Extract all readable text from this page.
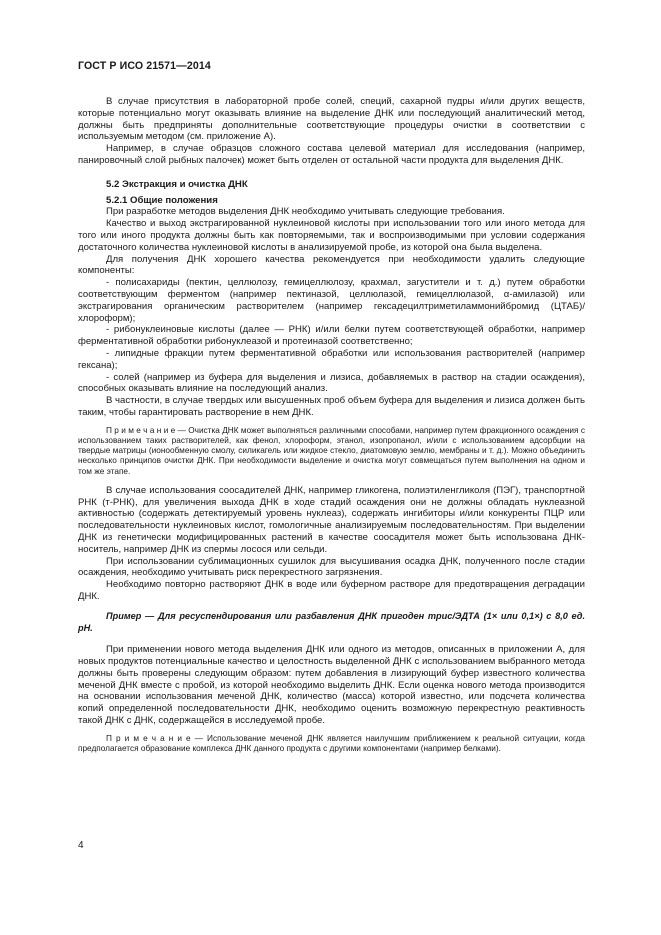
ГОСТ Р ИСО 21571—2014

В случае присутствия в лабораторной пробе солей, специй, сахарной пудры и/или других веществ, которые потенциально могут оказывать влияние на выделение ДНК или последующий аналитический метод, должны быть предприняты дополнительные соответствующие процедуры очистки в соответствии с используемым методом (см. приложение А).

Например, в случае образцов сложного состава целевой материал для исследования (например, панировочный слой рыбных палочек) может быть отделен от остальной части продукта для выделения ДНК.

5.2 Экстракция и очистка ДНК
5.2.1 Общие положения

При разработке методов выделения ДНК необходимо учитывать следующие требования.

Качество и выход экстрагированной нуклеиновой кислоты при использовании того или иного метода для того или иного продукта должны быть как повторяемыми, так и воспроизводимыми при условии содержания достаточного количества нуклеиновой кислоты в анализируемой пробе, из которой она была выделена.

Для получения ДНК хорошего качества рекомендуется при необходимости удалить следующие компоненты:

- полисахариды (пектин, целлюлозу, гемицеллюлозу, крахмал, загустители и т. д.) путем обработки соответствующим ферментом (например пектиназой, целлюлазой, гемицеллюлазой, α-амилазой) или экстрагирования органическим растворителем (например гексадецилтриметиламмонийбромид (ЦТАБ)/хлороформ);

- рибонуклеиновые кислоты (далее — РНК) и/или белки путем соответствующей обработки, например ферментативной обработки рибонуклеазой и протеиназой соответственно;

- липидные фракции путем ферментативной обработки или использования растворителей (например гексана);

- солей (например из буфера для выделения и лизиса, добавляемых в раствор на стадии осаждения), способных оказывать влияние на последующий анализ.

В частности, в случае твердых или высушенных проб объем буфера для выделения и лизиса должен быть таким, чтобы гарантировать растворение в нем ДНК.

П р и м е ч а н и е — Очистка ДНК может выполняться различными способами, например путем фракционного осаждения с использованием таких растворителей, как фенол, хлороформ, этанол, изопропанол, и/или с использованием адсорбции на твердые матрицы (ионообменную смолу, силикагель или жидкое стекло, диатомовую землю, мембраны и т. д.). Можно объединить несколько принципов очистки ДНК. При необходимости выделение и очистка могут совмещаться путем выполнения на одном и том же этапе.

В случае использования соосадителей ДНК, например гликогена, полиэтиленгликоля (ПЭГ), транспортной РНК (т-РНК), для увеличения выхода ДНК в ходе стадий осаждения они не должны обладать нуклеазной активностью (содержать детектируемый уровень нуклеаз), содержать ингибиторы и/или конкуренты ПЦР или последовательности нуклеиновых кислот, гомологичные анализируемым последовательностям. При выделении ДНК из генетически модифицированных растений в качестве соосадителя может быть использована ДНК-носитель, например ДНК из спермы лосося или сельди.

При использовании сублимационных сушилок для высушивания осадка ДНК, полученного после стадии осаждения, необходимо учитывать риск перекрестного загрязнения.

Необходимо повторно растворяют ДНК в воде или буферном растворе для предотвращения деградации ДНК.

Пример — Для ресуспендирования или разбавления ДНК пригоден трис/ЭДТА (1× или 0,1×) с 8,0 ед. pH.

При применении нового метода выделения ДНК или одного из методов, описанных в приложении А, для новых продуктов потенциальные качество и целостность выделенной ДНК с использованием выбранного метода должны быть проверены следующим образом: путем добавления в лизирующий буфер известного количества меченой ДНК вместе с пробой, из которой необходимо выделить ДНК. Если оценка нового метода производится на основании использования меченой ДНК, количество (масса) которой известно, или подсчета количества копий определенной последовательности ДНК, необходимо оценить возможную перекрестную реактивность такой ДНК с ДНК, содержащейся в исследуемой пробе.

П р и м е ч а н и е — Использование меченой ДНК является наилучшим приближением к реальной ситуации, когда предполагается образование комплекса ДНК данного продукта с другими компонентами (например белками).

4
